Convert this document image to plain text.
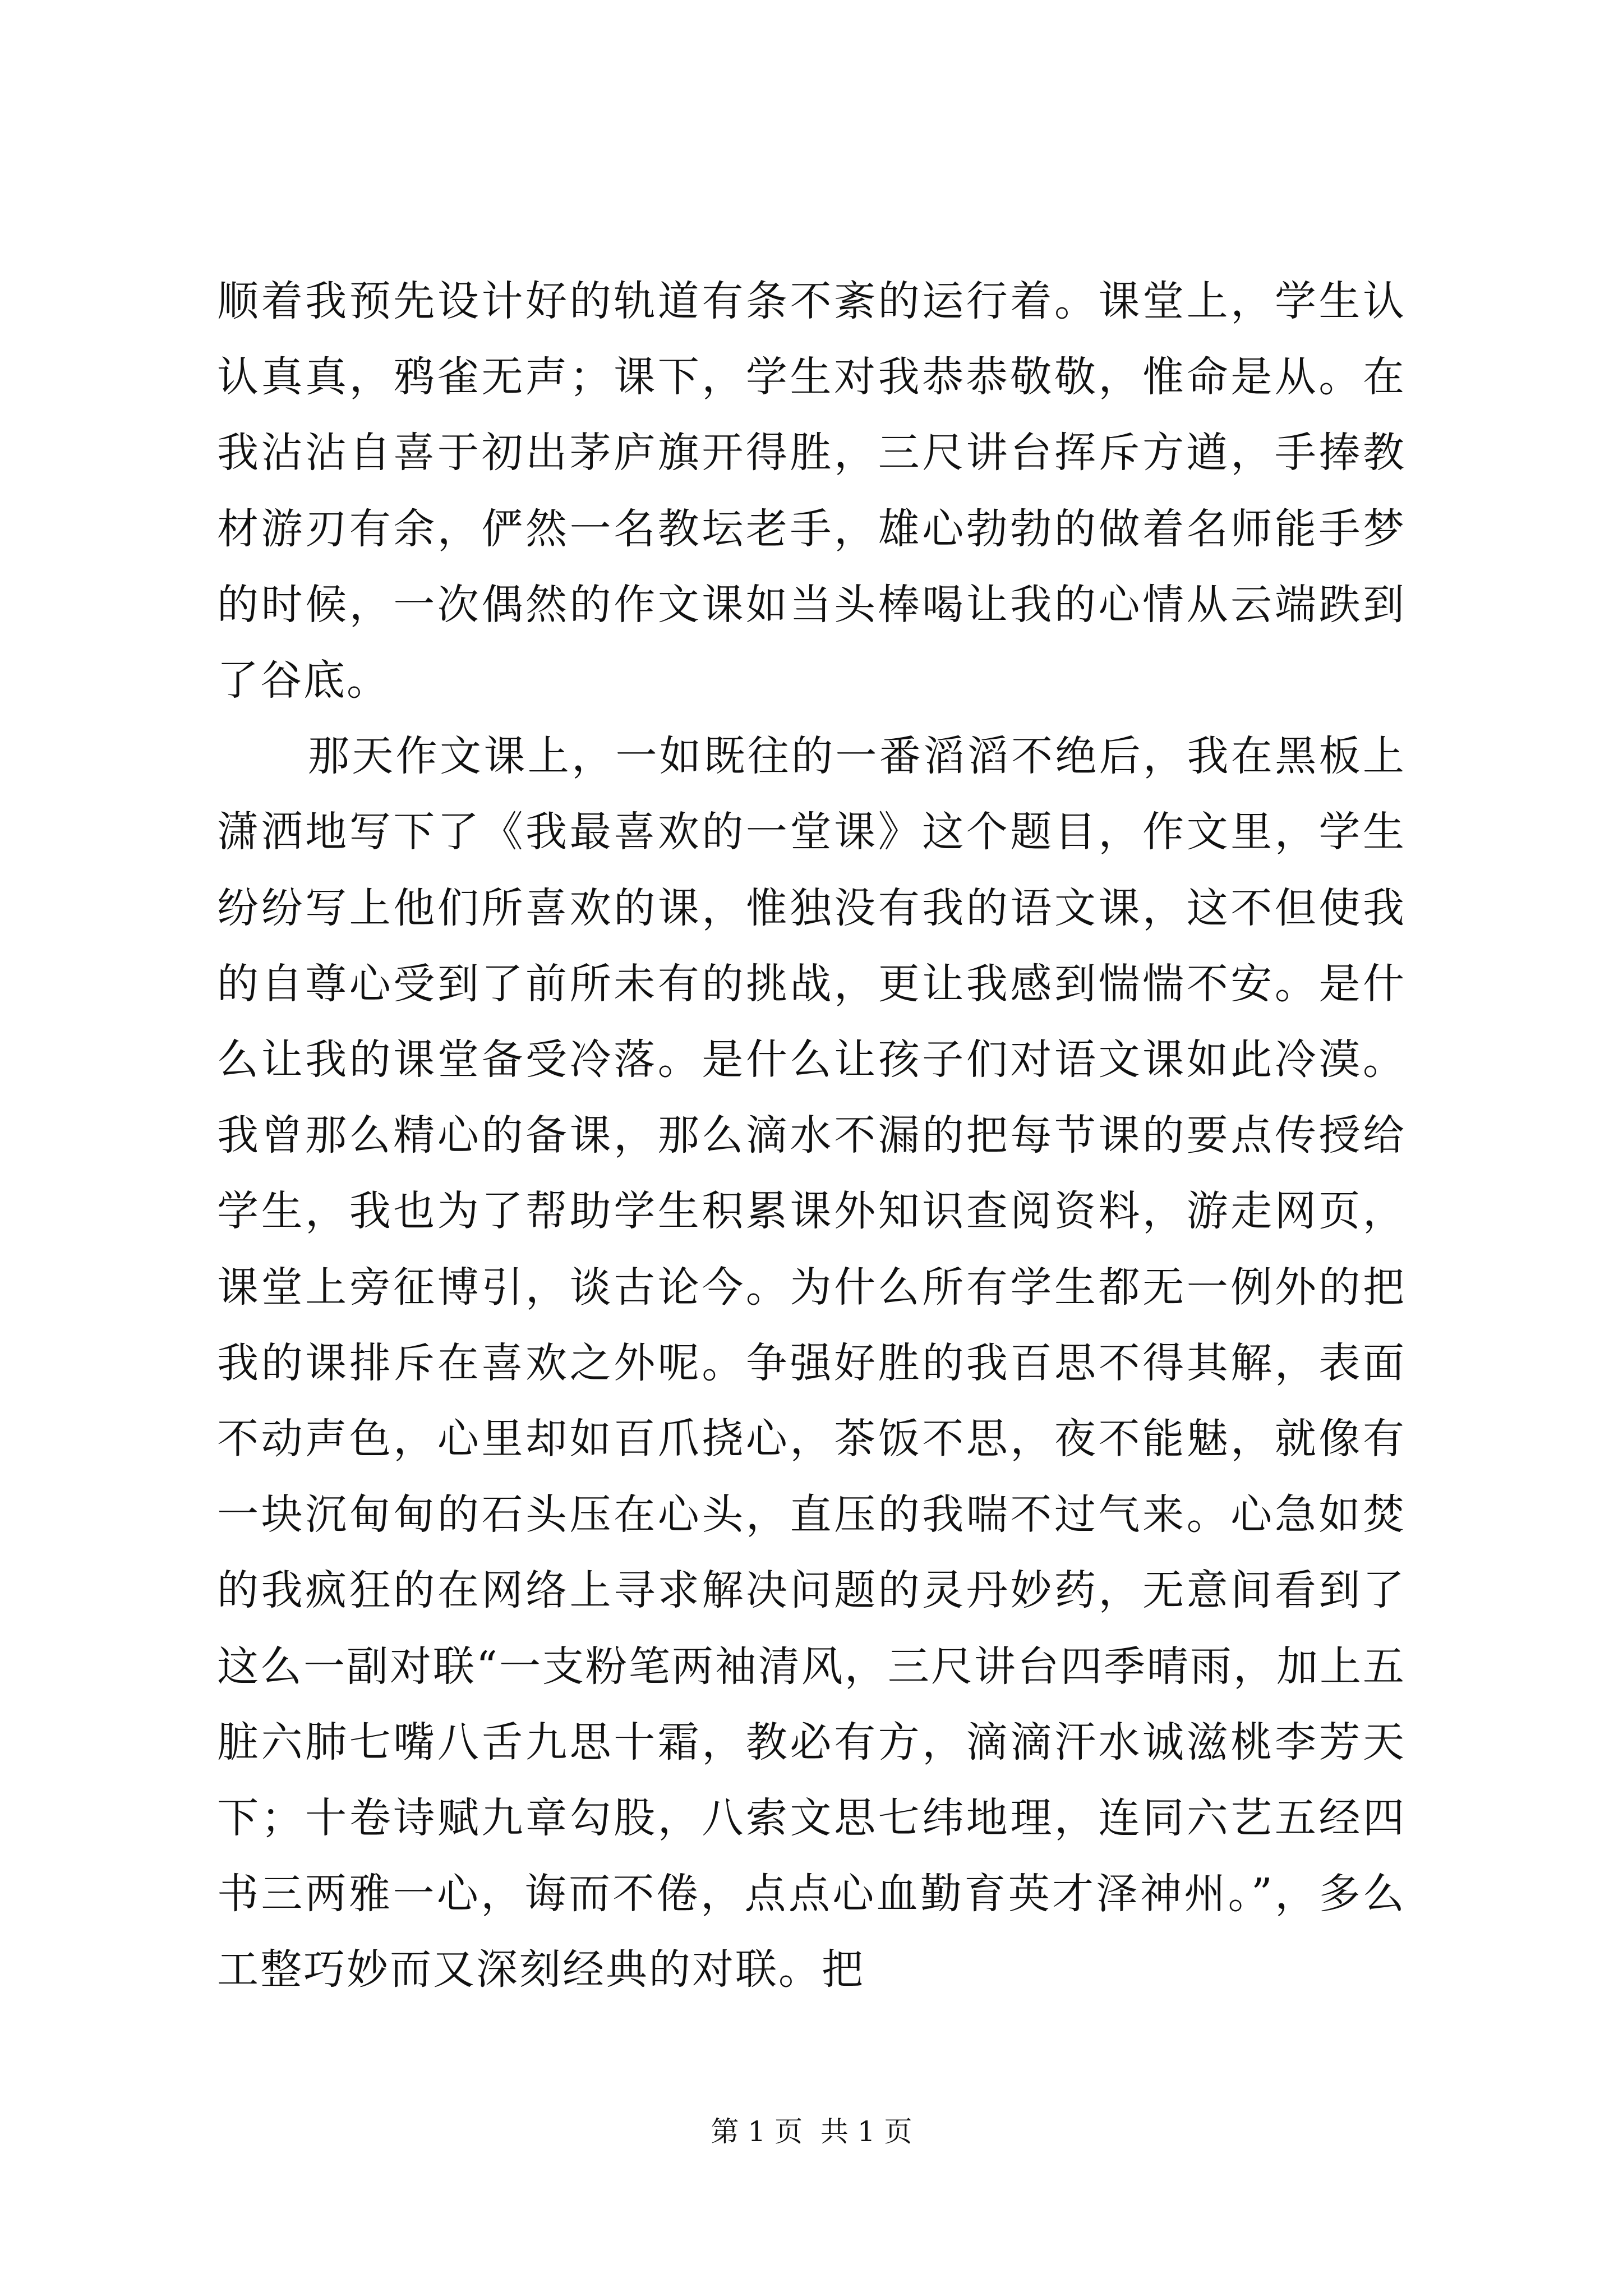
顺着我预先设计好的轨道有条不紊的运行着。课堂上，学生认认真真，鸦雀无声；课下，学生对我恭恭敬敬，惟命是从。在我沾沾自喜于初出茅庐旗开得胜，三尺讲台挥斥方遒，手捧教材游刃有余，俨然一名教坛老手，雄心勃勃的做着名师能手梦的时候，一次偶然的作文课如当头棒喝让我的心情从云端跌到了谷底。

那天作文课上，一如既往的一番滔滔不绝后，我在黑板上潇洒地写下了《我最喜欢的一堂课》这个题目，作文里，学生纷纷写上他们所喜欢的课，惟独没有我的语文课，这不但使我的自尊心受到了前所未有的挑战，更让我感到惴惴不安。是什么让我的课堂备受冷落。是什么让孩子们对语文课如此冷漠。我曾那么精心的备课，那么滴水不漏的把每节课的要点传授给学生，我也为了帮助学生积累课外知识查阅资料，游走网页，课堂上旁征博引，谈古论今。为什么所有学生都无一例外的把我的课排斥在喜欢之外呢。争强好胜的我百思不得其解，表面不动声色，心里却如百爪挠心，茶饭不思，夜不能魅，就像有一块沉甸甸的石头压在心头，直压的我喘不过气来。心急如焚的我疯狂的在网络上寻求解决问题的灵丹妙药，无意间看到了这么一副对联“一支粉笔两袖清风，三尺讲台四季晴雨，加上五脏六肺七嘴八舌九思十霜，教必有方，滴滴汗水诚滋桃李芳天下；十卷诗赋九章勾股，八索文思七纬地理，连同六艺五经四书三两雅一心，诲而不倦，点点心血勤育英才泽神州。”，多么工整巧妙而又深刻经典的对联。把

第 1 页  共 1 页
